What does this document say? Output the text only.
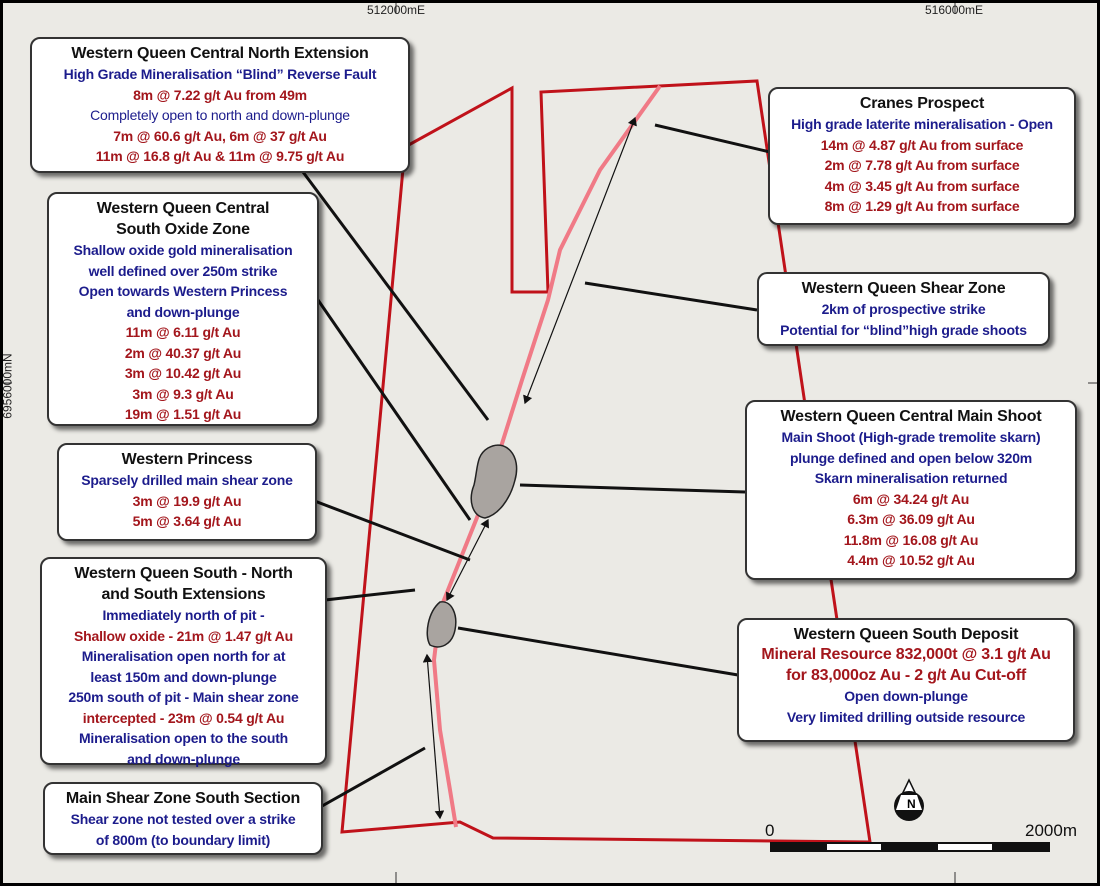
N
0	2000m
512000mE	516000mE
6956000mN
Western Queen Central North Extension
High Grade Mineralisation “Blind” Reverse Fault
8m @ 7.22 g/t Au from 49m
Completely open to north and down-plunge
7m @ 60.6 g/t Au, 6m @ 37 g/t Au
11m @ 16.8 g/t Au & 11m @ 9.75 g/t Au
Cranes Prospect
High grade laterite mineralisation - Open
14m @ 4.87 g/t Au from surface
2m @ 7.78 g/t Au from surface
4m @ 3.45 g/t Au from surface
8m @ 1.29 g/t Au from surface
Western Queen Central
South Oxide Zone
Shallow oxide gold mineralisation
well defined over 250m strike
Open towards Western Princess
and down-plunge
11m @ 6.11 g/t Au
2m @ 40.37 g/t Au
3m @ 10.42 g/t Au
3m @ 9.3 g/t Au
19m @ 1.51 g/t Au
Western Queen Shear Zone
2km of prospective strike
Potential for “blind”high grade shoots
Western Princess
Sparsely drilled main shear zone
3m @ 19.9 g/t Au
5m @ 3.64 g/t Au
Western Queen Central Main Shoot
Main Shoot (High-grade tremolite skarn)
plunge defined and open below 320m
Skarn mineralisation returned
6m @ 34.24 g/t Au
6.3m @ 36.09 g/t Au
11.8m @ 16.08 g/t Au
4.4m @ 10.52 g/t Au
Western Queen South - North
and South Extensions
Immediately north of pit -
Shallow oxide - 21m @ 1.47 g/t Au
Mineralisation open north for at
least 150m and down-plunge
250m south of pit - Main shear zone
intercepted - 23m @ 0.54 g/t Au
Mineralisation open to the south
and down-plunge
Western Queen South Deposit
Mineral Resource 832,000t @ 3.1 g/t Au
for 83,000oz Au - 2 g/t Au Cut-off
Open down-plunge
Very limited drilling outside resource
Main Shear Zone South Section
Shear zone not tested over a strike
of 800m (to boundary limit)
